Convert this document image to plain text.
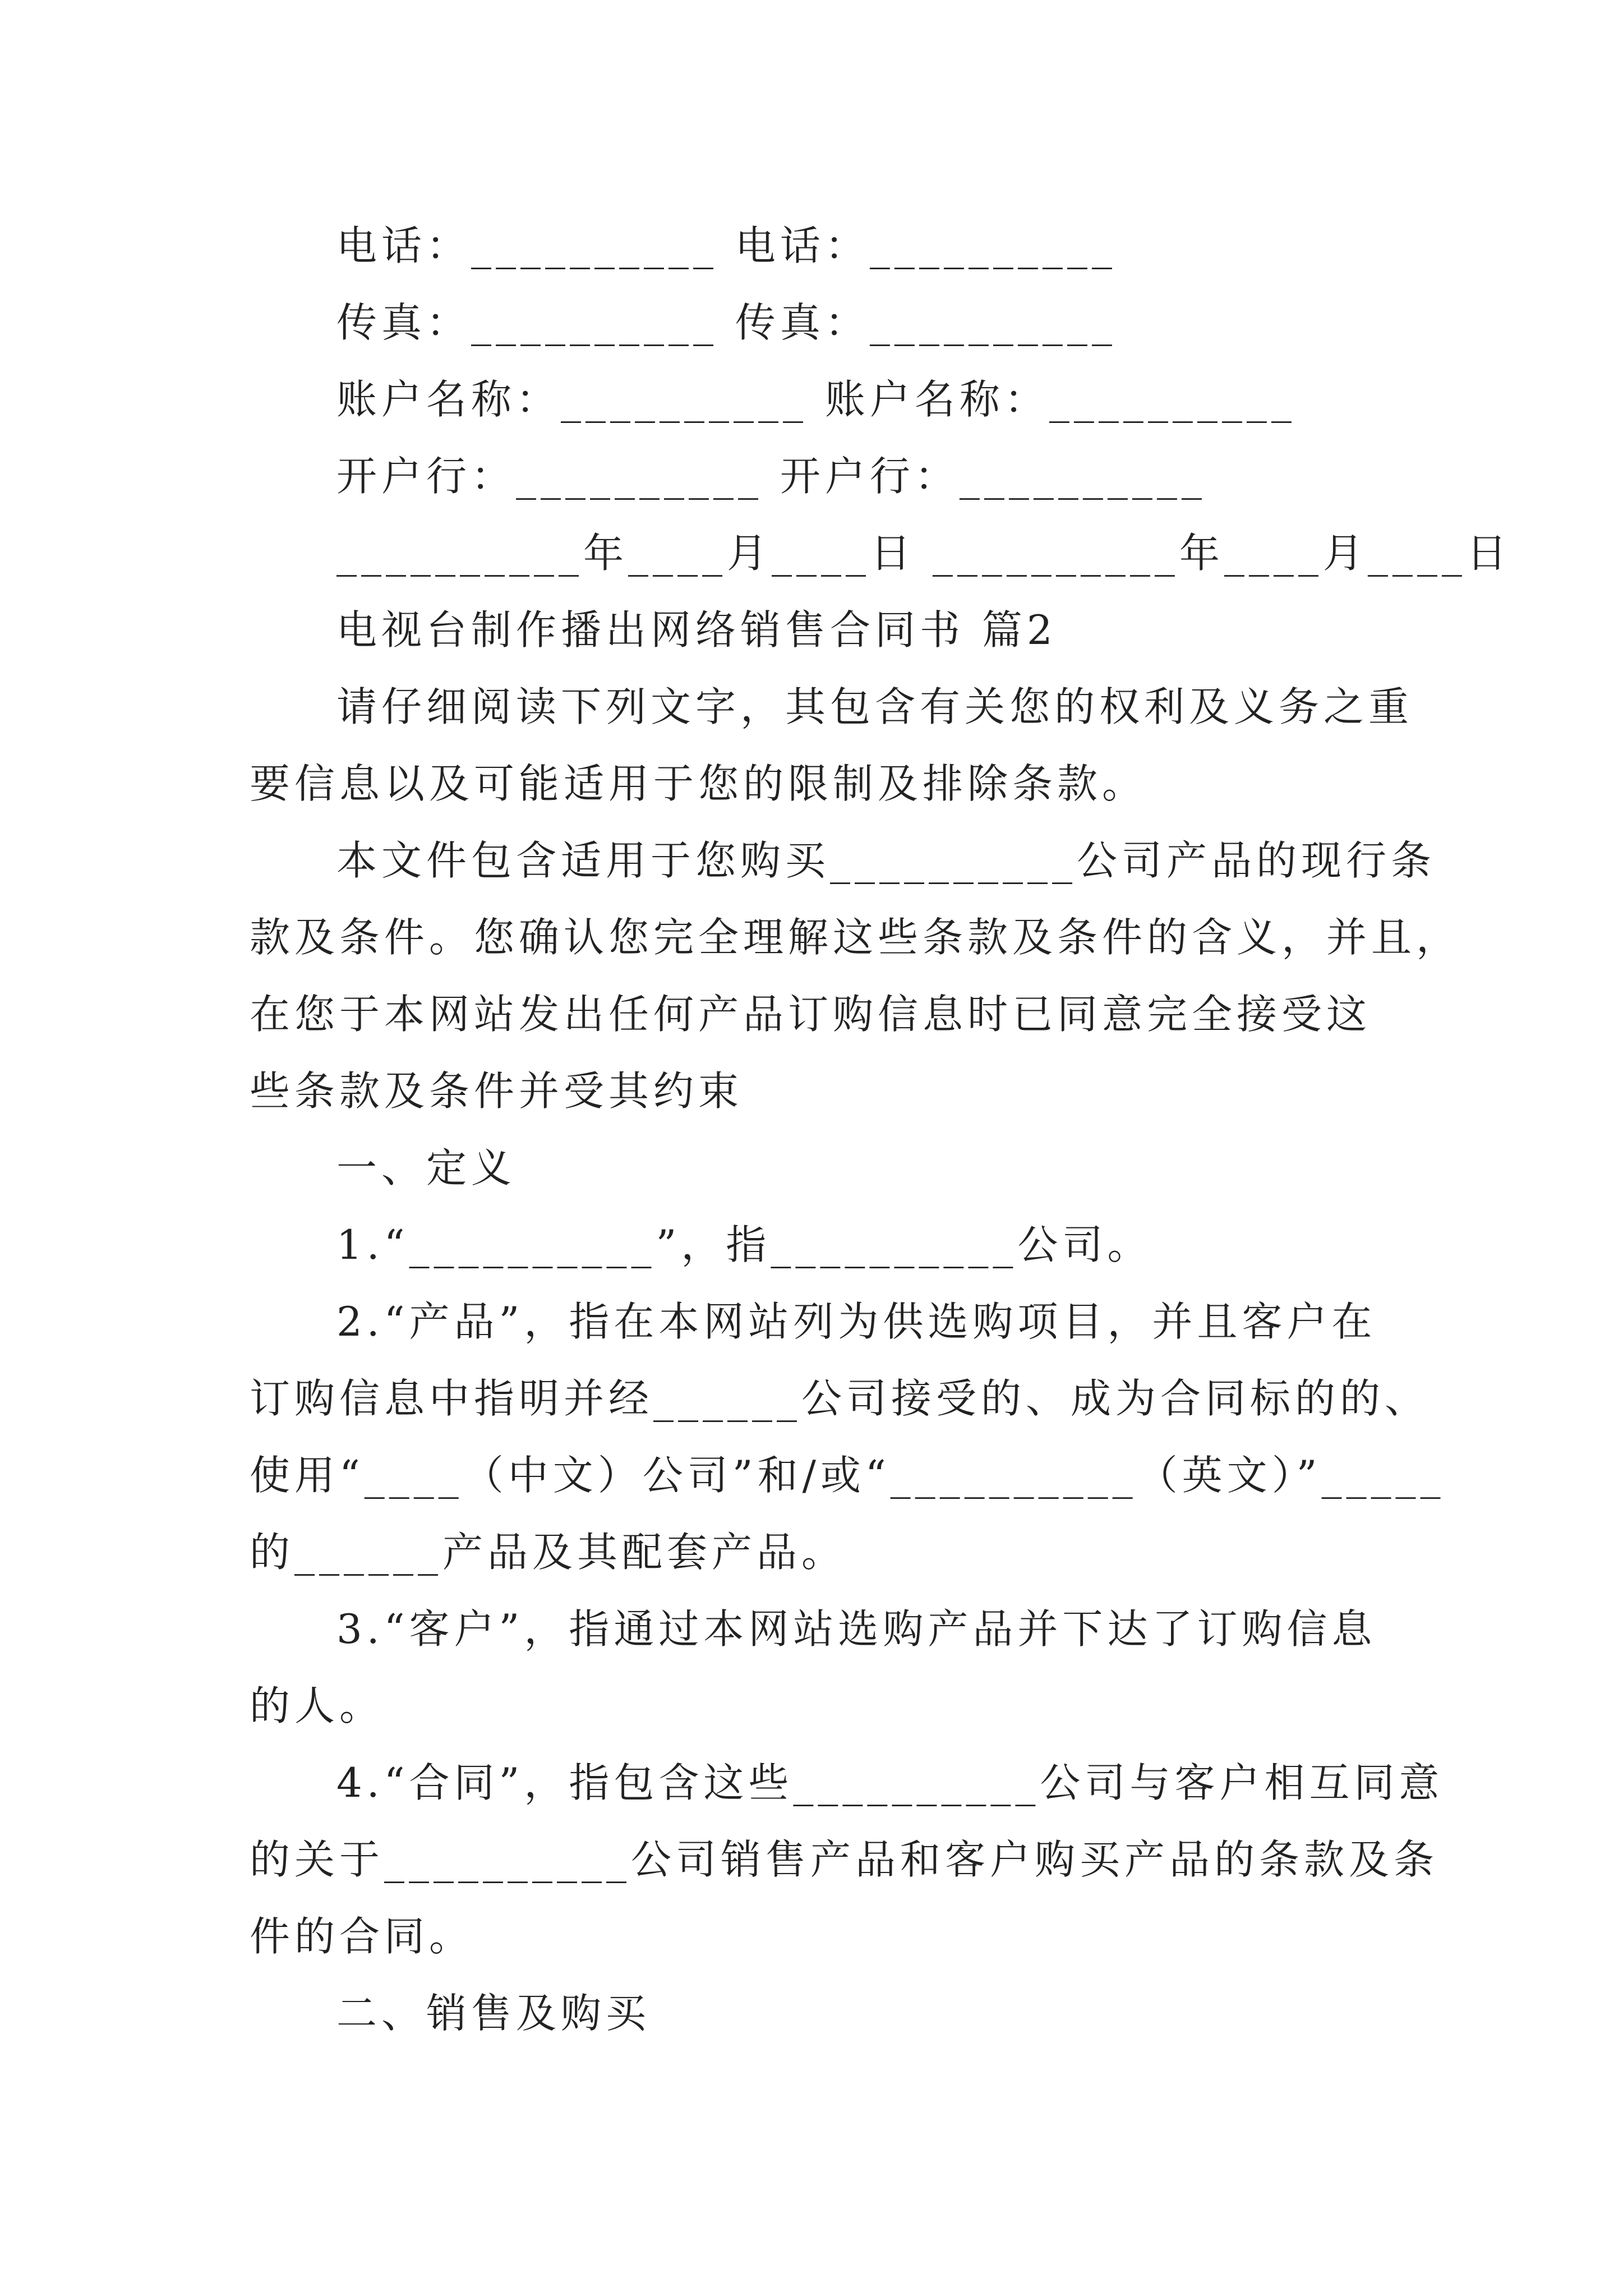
电话：__________ 电话：__________
传真：__________ 传真：__________
账户名称：__________ 账户名称：__________
开户行：__________ 开户行：__________
__________年____月____日 __________年____月____日
电视台制作播出网络销售合同书 篇2
请仔细阅读下列文字，其包含有关您的权利及义务之重
要信息以及可能适用于您的限制及排除条款。
本文件包含适用于您购买__________公司产品的现行条
款及条件。您确认您完全理解这些条款及条件的含义，并且，
在您于本网站发出任何产品订购信息时已同意完全接受这
些条款及条件并受其约束
一、定义
1.“__________”，指__________公司。
2.“产品”，指在本网站列为供选购项目，并且客户在
订购信息中指明并经______公司接受的、成为合同标的的、
使用“____（中文）公司”和/或“__________（英文）”_____
的______产品及其配套产品。
3.“客户”，指通过本网站选购产品并下达了订购信息
的人。
4.“合同”，指包含这些__________公司与客户相互同意
的关于__________公司销售产品和客户购买产品的条款及条
件的合同。
二、销售及购买
